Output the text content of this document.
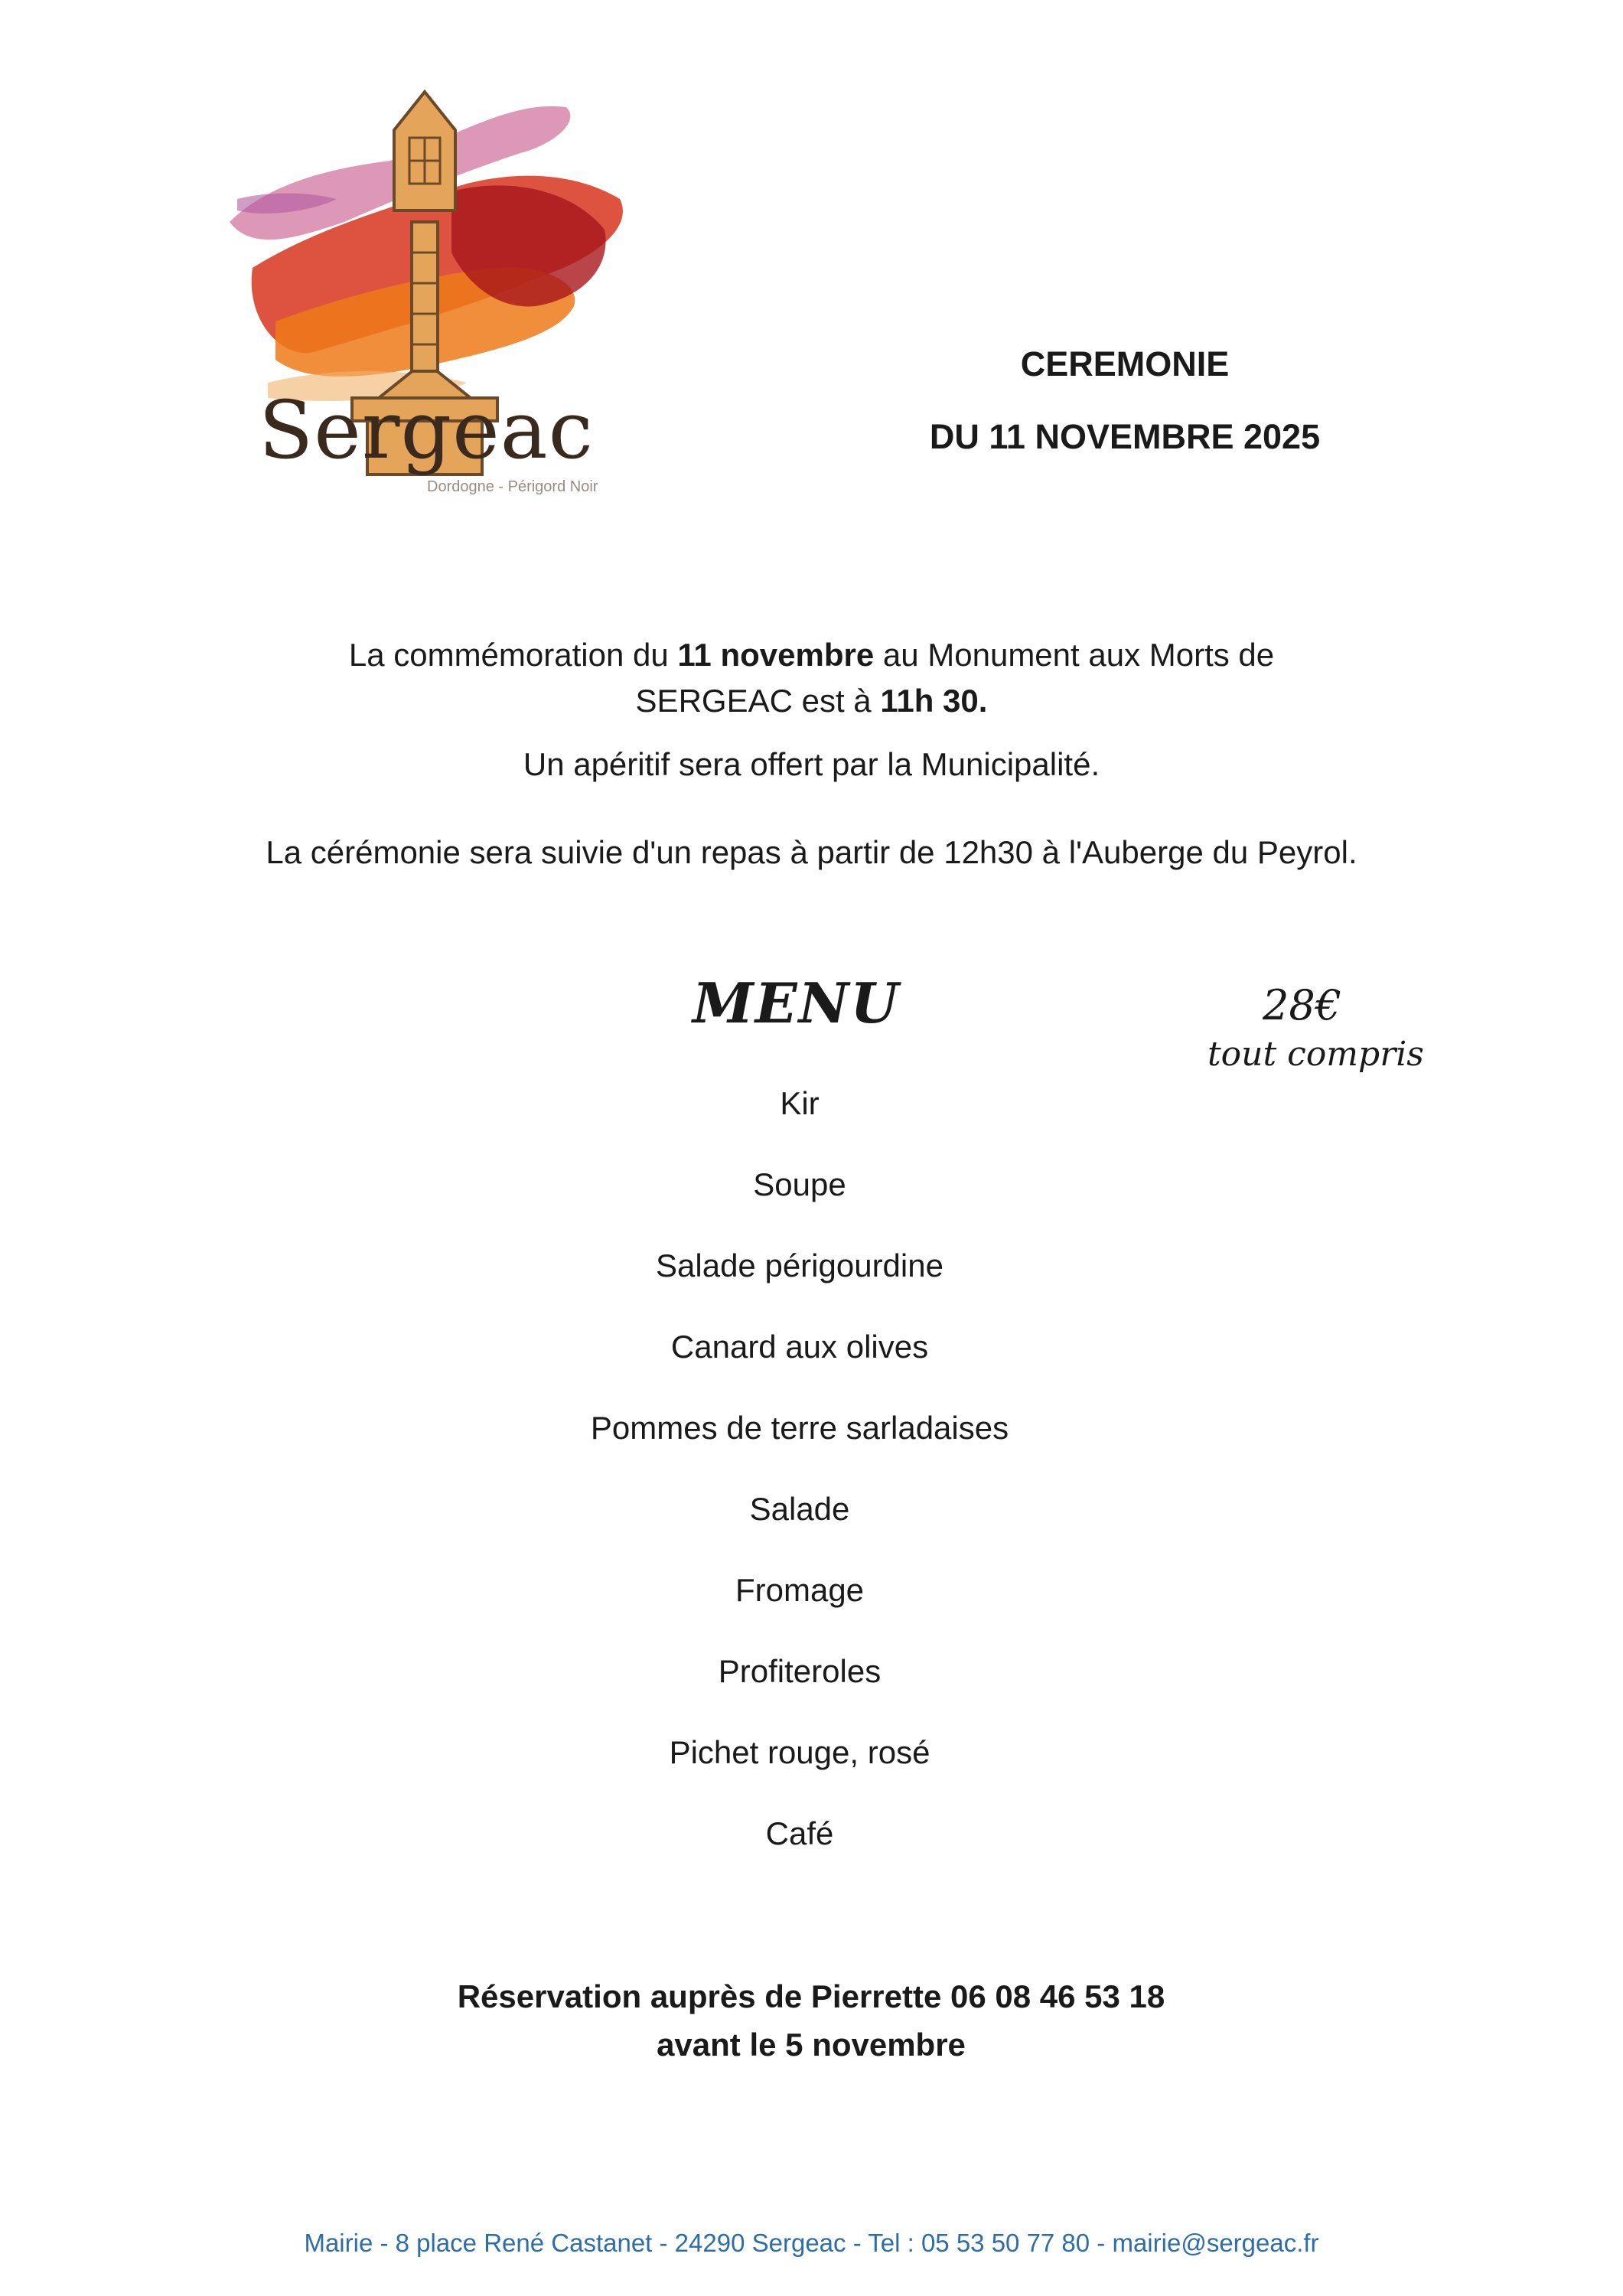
Sergeac
Dordogne - Périgord Noir
CEREMONIE
DU 11 NOVEMBRE 2025
La commémoration du 11 novembre au Monument aux Morts de
SERGEAC est à 11h 30.
Un apéritif sera offert par la Municipalité.
La cérémonie sera suivie d'un repas à partir de 12h30 à l'Auberge du Peyrol.
MENU	28€
tout compris
Kir
Soupe
Salade périgourdine
Canard aux olives
Pommes de terre sarladaises
Salade
Fromage
Profiteroles
Pichet rouge, rosé
Café
Réservation auprès de Pierrette 06 08 46 53 18
avant le 5 novembre
Mairie - 8 place René Castanet - 24290 Sergeac - Tel : 05 53 50 77 80 - mairie@sergeac.fr
